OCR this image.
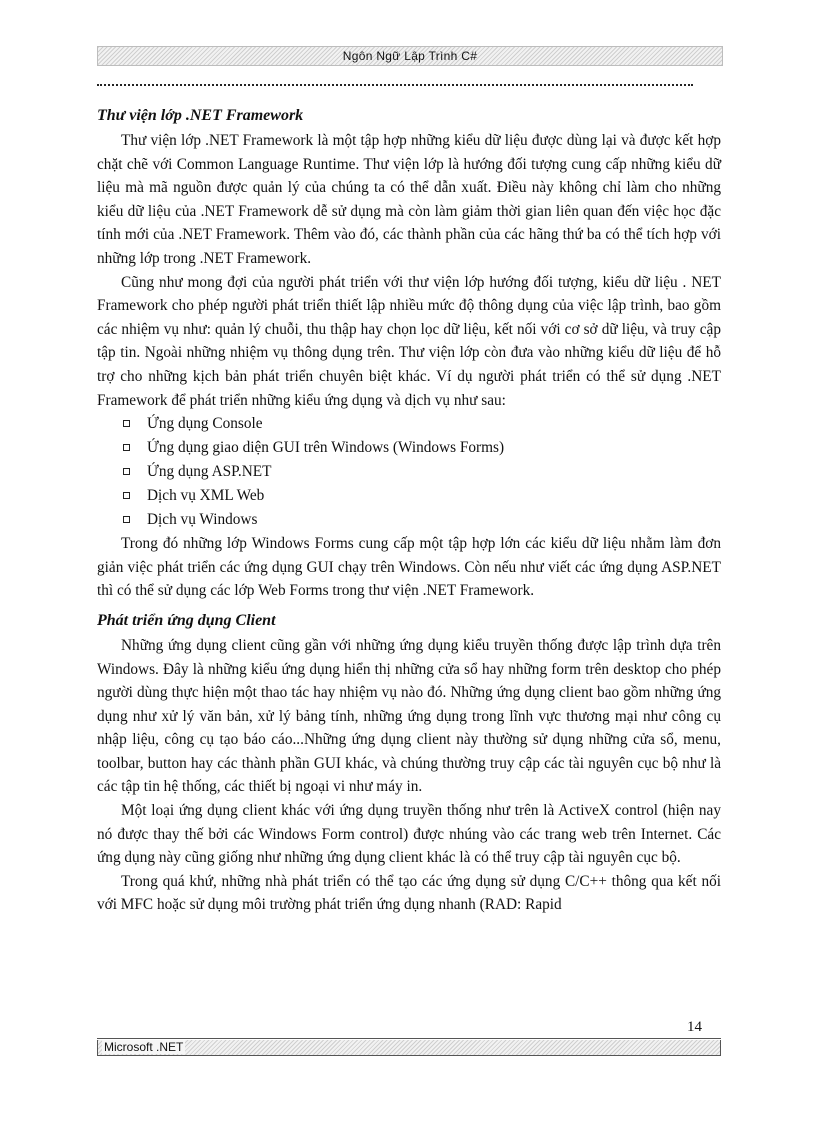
Ngôn Ngữ Lập Trình C#
Thư viện lớp .NET Framework

Thư viện lớp .NET Framework là một tập hợp những kiểu dữ liệu được dùng lại và được kết hợp chặt chẽ với Common Language Runtime. Thư viện lớp là hướng đối tượng cung cấp những kiểu dữ liệu mà mã nguồn được quản lý của chúng ta có thể dẫn xuất. Điều này không chỉ làm cho những kiểu dữ liệu của .NET Framework dễ sử dụng mà còn làm giảm thời gian liên quan đến việc học đặc tính mới của .NET Framework. Thêm vào đó, các thành phần của các hãng thứ ba có thể tích hợp với những lớp trong .NET Framework.

Cũng như mong đợi của người phát triển với thư viện lớp hướng đối tượng, kiểu dữ liệu . NET Framework cho phép người phát triển thiết lập nhiều mức độ thông dụng của việc lập trình, bao gồm các nhiệm vụ như: quản lý chuỗi, thu thập hay chọn lọc dữ liệu, kết nối với cơ sở dữ liệu, và truy cập tập tin. Ngoài những nhiệm vụ thông dụng trên. Thư viện lớp còn đưa vào những kiểu dữ liệu để hỗ trợ cho những kịch bản phát triển chuyên biệt khác. Ví dụ người phát triển có thể sử dụng .NET Framework để phát triển những kiểu ứng dụng và dịch vụ như sau:

Ứng dụng Console
Ứng dụng giao diện GUI trên Windows (Windows Forms)
Ứng dụng ASP.NET
Dịch vụ XML Web
Dịch vụ Windows

Trong đó những lớp Windows Forms cung cấp một tập hợp lớn các kiểu dữ liệu nhằm làm đơn giản việc phát triển các ứng dụng GUI chạy trên Windows. Còn nếu như viết các ứng dụng ASP.NET thì có thể sử dụng các lớp Web Forms trong thư viện .NET Framework.

Phát triển ứng dụng Client

Những ứng dụng client cũng gần với những ứng dụng kiểu truyền thống được lập trình dựa trên Windows. Đây là những kiểu ứng dụng hiển thị những cửa sổ hay những form trên desktop cho phép người dùng thực hiện một thao tác hay nhiệm vụ nào đó. Những ứng dụng client bao gồm những ứng dụng như xử lý văn bản, xử lý bảng tính, những ứng dụng trong lĩnh vực thương mại như công cụ nhập liệu, công cụ tạo báo cáo...Những ứng dụng client này thường sử dụng những cửa sổ, menu, toolbar, button hay các thành phần GUI khác, và chúng thường truy cập các tài nguyên cục bộ như là các tập tin hệ thống, các thiết bị ngoại vi như máy in.

Một loại ứng dụng client khác với ứng dụng truyền thống như trên là ActiveX control (hiện nay nó được thay thế bởi các Windows Form control) được nhúng vào các trang web trên Internet. Các ứng dụng này cũng giống như những ứng dụng client khác là có thể truy cập tài nguyên cục bộ.

Trong quá khứ, những nhà phát triển có thể tạo các ứng dụng sử dụng C/C++ thông qua kết nối với MFC hoặc sử dụng môi trường phát triển ứng dụng nhanh (RAD: Rapid

14
Microsoft .NET
